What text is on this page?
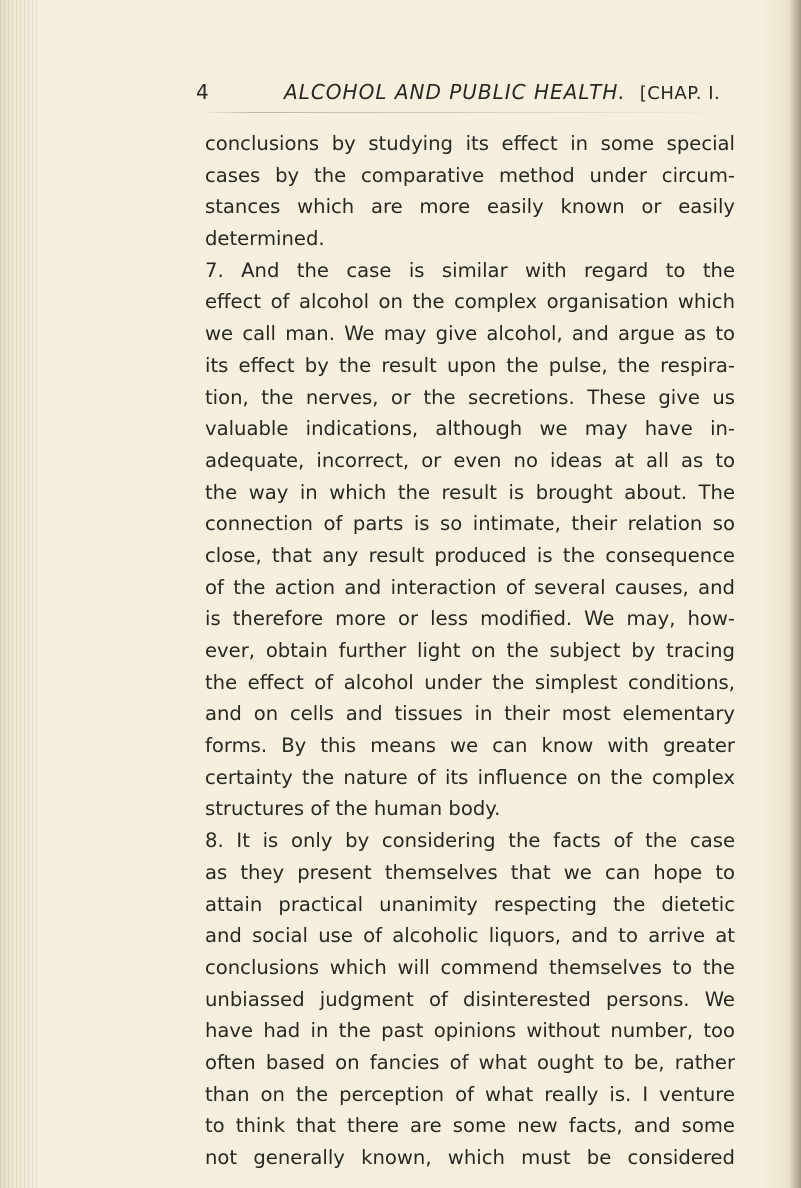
4	ALCOHOL AND PUBLIC HEALTH. [CHAP. I.
conclusions by studying its effect in some special
cases by the comparative method under circum-
stances which are more easily known or easily
determined.
7. And the case is similar with regard to the
effect of alcohol on the complex organisation which
we call man. We may give alcohol, and argue as to
its effect by the result upon the pulse, the respira-
tion, the nerves, or the secretions. These give us
valuable indications, although we may have in-
adequate, incorrect, or even no ideas at all as to
the way in which the result is brought about. The
connection of parts is so intimate, their relation so
close, that any result produced is the consequence
of the action and interaction of several causes, and
is therefore more or less modified. We may, how-
ever, obtain further light on the subject by tracing
the effect of alcohol under the simplest conditions,
and on cells and tissues in their most elementary
forms. By this means we can know with greater
certainty the nature of its influence on the complex
structures of the human body.
8. It is only by considering the facts of the case
as they present themselves that we can hope to
attain practical unanimity respecting the dietetic
and social use of alcoholic liquors, and to arrive at
conclusions which will commend themselves to the
unbiassed judgment of disinterested persons. We
have had in the past opinions without number, too
often based on fancies of what ought to be, rather
than on the perception of what really is. I venture
to think that there are some new facts, and some
not generally known, which must be considered
